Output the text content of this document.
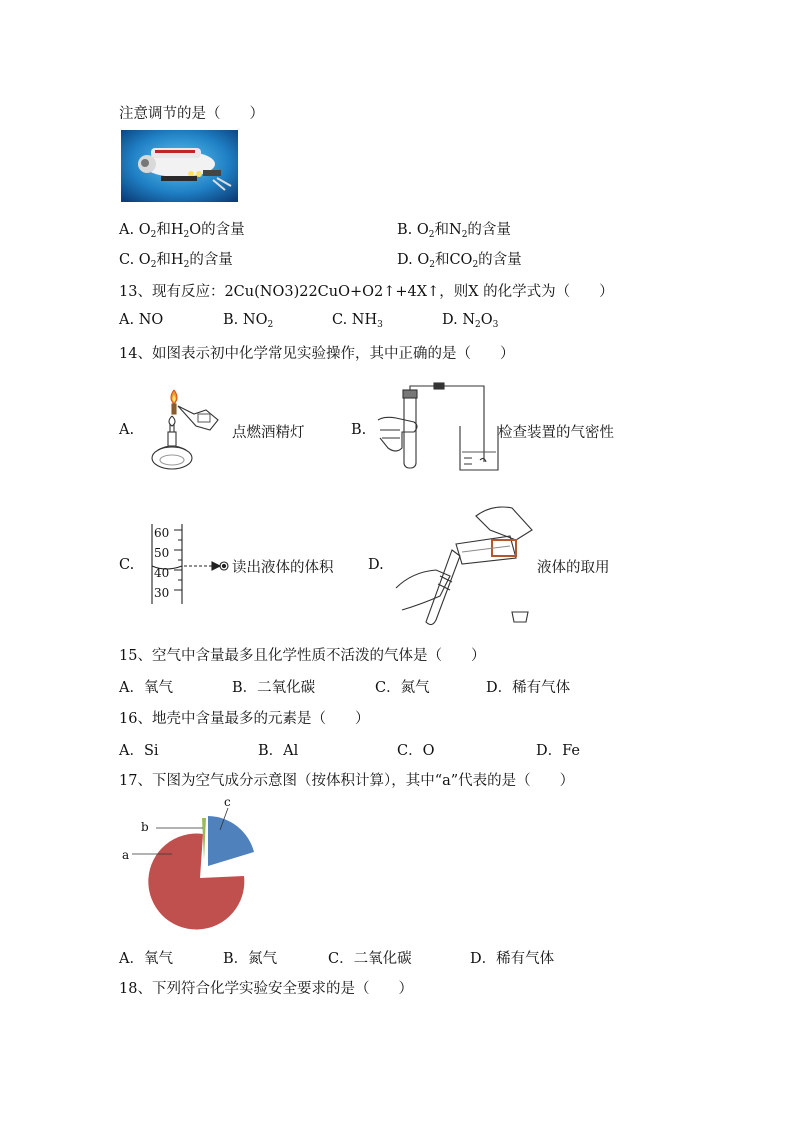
注意调节的是（　　）
A. $O_2$和$H_2O$的含量	B. $O_2$和$N_2$的含量
C. $O_2$和$H_2$的含量	D. $O_2$和$CO_2$的含量
13、现有反应：2Cu(NO3)22CuO+O2↑+4X↑，则X 的化学式为（　　）
A. NO	B. $NO_2$	C. $NH_3$	D. $N_2O_3$
14、如图表示初中化学常见实验操作，其中正确的是（　　）
A.	点燃酒精灯	B.	检查装置的气密性
C.
60
50
40
30
读出液体的体积 D.	液体的取用
15、空气中含量最多且化学性质不活泼的气体是（　　）
A．氧气	B．二氧化碳	C．氮气	D．稀有气体
16、地壳中含量最多的元素是（　　）
A．Si	B．Al	C．O	D．Fe
17、下图为空气成分示意图（按体积计算），其中“a”代表的是（　　）
a
b
c
A．氧气	B．氮气	C．二氧化碳	D．稀有气体
18、下列符合化学实验安全要求的是（　　）
